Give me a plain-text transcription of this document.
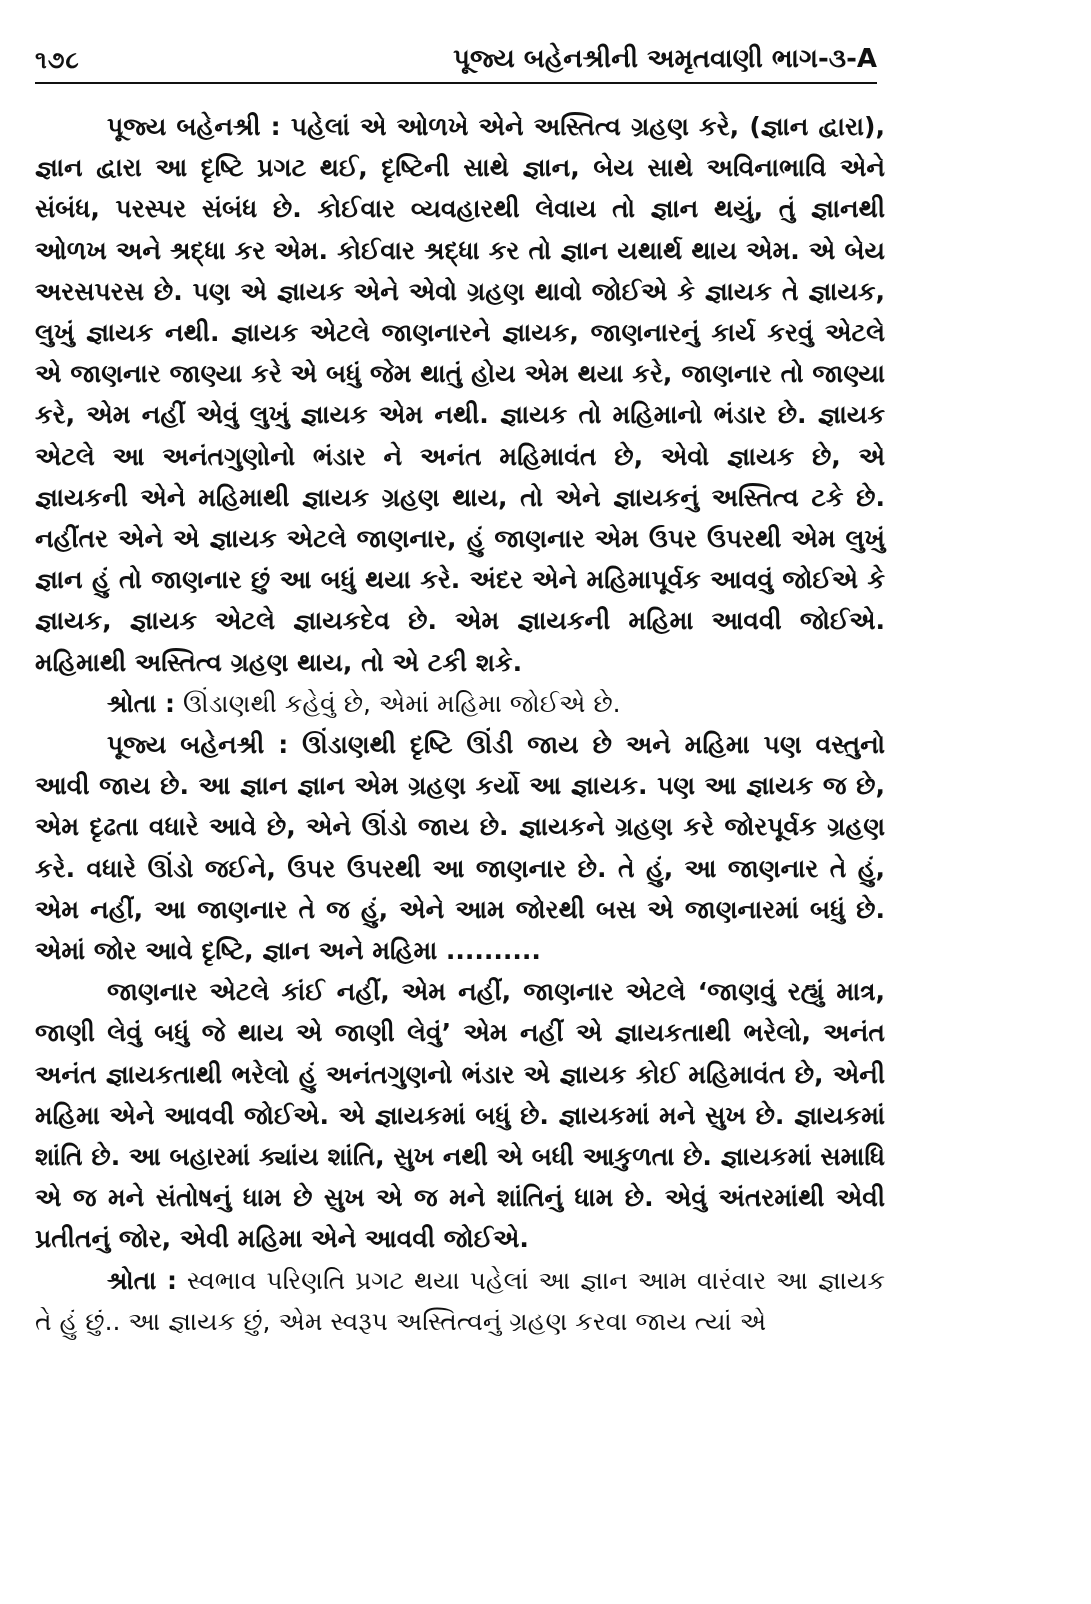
૧૭૮	પૂજ્ય બહેનશ્રીની અમૃતવાણી ભાગ-૩-A

પૂજ્ય બહેનશ્રી : પહેલાં એ ઓળખે એને અસ્તિત્વ ગ્રહણ કરે, (જ્ઞાન દ્વારા), જ્ઞાન દ્વારા આ દૃષ્ટિ પ્રગટ થઈ, દૃષ્ટિની સાથે જ્ઞાન, બેય સાથે અવિનાભાવિ એને સંબંધ, પરસ્પર સંબંધ છે. કોઈવાર વ્યવહારથી લેવાય તો જ્ઞાન થયું, તું જ્ઞાનથી ઓળખ અને શ્રદ્ધા કર એમ. કોઈવાર શ્રદ્ધા કર તો જ્ઞાન યથાર્થ થાય એમ. એ બેય અરસપરસ છે. પણ એ જ્ઞાયક એને એવો ગ્રહણ થાવો જોઈએ કે જ્ઞાયક તે જ્ઞાયક, લુખું જ્ઞાયક નથી. જ્ઞાયક એટલે જાણનારને જ્ઞાયક, જાણનારનું કાર્ય કરવું એટલે એ જાણનાર જાણ્યા કરે એ બધું જેમ થાતું હોય એમ થયા કરે, જાણનાર તો જાણ્યા કરે, એમ નહીં એવું લુખું જ્ઞાયક એમ નથી. જ્ઞાયક તો મહિમાનો ભંડાર છે. જ્ઞાયક એટલે આ અનંતગુણોનો ભંડાર ને અનંત મહિમાવંત છે, એવો જ્ઞાયક છે, એ જ્ઞાયકની એને મહિમાથી જ્ઞાયક ગ્રહણ થાય, તો એને જ્ઞાયકનું અસ્તિત્વ ટકે છે. નહીંતર એને એ જ્ઞાયક એટલે જાણનાર, હું જાણનાર એમ ઉપર ઉપરથી એમ લુખું જ્ઞાન હું તો જાણનાર છું આ બધું થયા કરે. અંદર એને મહિમાપૂર્વક આવવું જોઈએ કે જ્ઞાયક, જ્ઞાયક એટલે જ્ઞાયકદેવ છે. એમ જ્ઞાયકની મહિમા આવવી જોઈએ. મહિમાથી અસ્તિત્વ ગ્રહણ થાય, તો એ ટકી શકે.

શ્રોતા : ઊંડાણથી કહેવું છે, એમાં મહિમા જોઈએ છે.

પૂજ્ય બહેનશ્રી : ઊંડાણથી દૃષ્ટિ ઊંડી જાય છે અને મહિમા પણ વસ્તુનો આવી જાય છે. આ જ્ઞાન જ્ઞાન એમ ગ્રહણ કર્યો આ જ્ઞાયક. પણ આ જ્ઞાયક જ છે, એમ દૃઢતા વધારે આવે છે, એને ઊંડો જાય છે. જ્ઞાયકને ગ્રહણ કરે જોરપૂર્વક ગ્રહણ કરે. વધારે ઊંડો જઈને, ઉપર ઉપરથી આ જાણનાર છે. તે હું, આ જાણનાર તે હું, એમ નહીં, આ જાણનાર તે જ હું, એને આમ જોરથી બસ એ જાણનારમાં બધું છે. એમાં જોર આવે દૃષ્ટિ, જ્ઞાન અને મહિમા ..........

જાણનાર એટલે કાંઈ નહીં, એમ નહીં, જાણનાર એટલે ‘જાણવું રહ્યું માત્ર, જાણી લેવું બધું જે થાય એ જાણી લેવું’ એમ નહીં એ જ્ઞાયકતાથી ભરેલો, અનંત અનંત જ્ઞાયકતાથી ભરેલો હું અનંતગુણનો ભંડાર એ જ્ઞાયક કોઈ મહિમાવંત છે, એની મહિમા એને આવવી જોઈએ. એ જ્ઞાયકમાં બધું છે. જ્ઞાયકમાં મને સુખ છે. જ્ઞાયકમાં શાંતિ છે. આ બહારમાં ક્યાંય શાંતિ, સુખ નથી એ બધી આકુળતા છે. જ્ઞાયકમાં સમાધિ એ જ મને સંતોષનું ધામ છે સુખ એ જ મને શાંતિનું ધામ છે. એવું અંતરમાંથી એવી પ્રતીતનું જોર, એવી મહિમા એને આવવી જોઈએ.

શ્રોતા : સ્વભાવ પરિણતિ પ્રગટ થયા પહેલાં આ જ્ઞાન આમ વારંવાર આ જ્ઞાયક તે હું છું.. આ જ્ઞાયક છું, એમ સ્વરૂપ અસ્તિત્વનું ગ્રહણ કરવા જાય ત્યાં એ
